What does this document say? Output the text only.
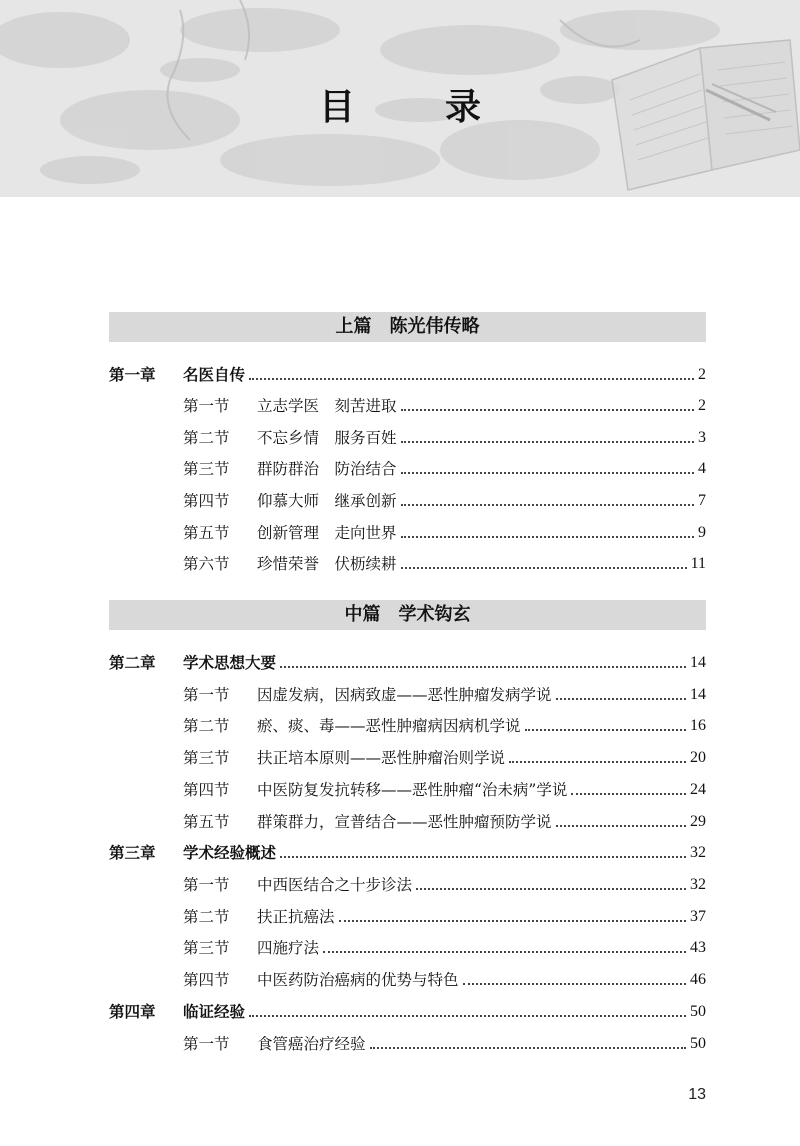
目	录
上篇 陈光伟传略
第一章	名医自传	2
第一节	立志学医　刻苦进取	2
第二节	不忘乡情　服务百姓	3
第三节	群防群治　防治结合	4
第四节	仰慕大师　继承创新	7
第五节	创新管理　走向世界	9
第六节	珍惜荣誉　伏枥续耕	11
中篇 学术钩玄
第二章	学术思想大要	14
第一节	因虚发病，因病致虚——恶性肿瘤发病学说	14
第二节	瘀、痰、毒——恶性肿瘤病因病机学说	16
第三节	扶正培本原则——恶性肿瘤治则学说	20
第四节	中医防复发抗转移——恶性肿瘤“治未病”学说	24
第五节	群策群力，宣普结合——恶性肿瘤预防学说	29
第三章	学术经验概述	32
第一节	中西医结合之十步诊法	32
第二节	扶正抗癌法	37
第三节	四施疗法	43
第四节	中医药防治癌病的优势与特色	46
第四章	临证经验	50
第一节	食管癌治疗经验	50
13
